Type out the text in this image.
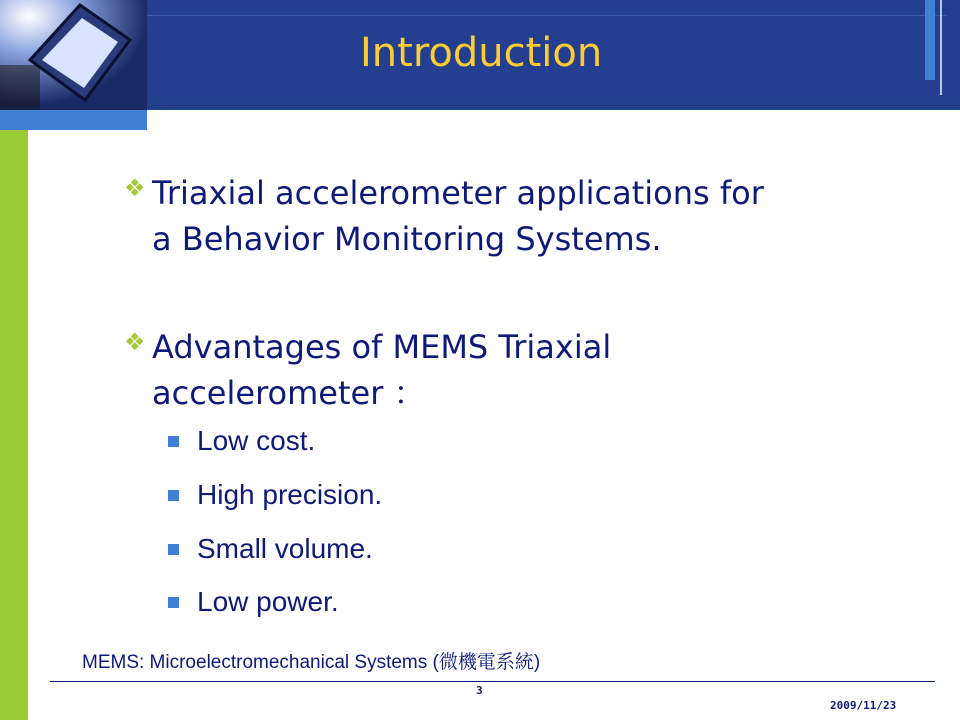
Introduction
❖ Triaxial accelerometer applications for
a Behavior Monitoring Systems.
❖ Advantages of MEMS Triaxial
accelerometer ：
Low cost.
High precision.
Small volume.
Low power.
MEMS: Microelectromechanical Systems (微機電系統)
3
2009/11/23
